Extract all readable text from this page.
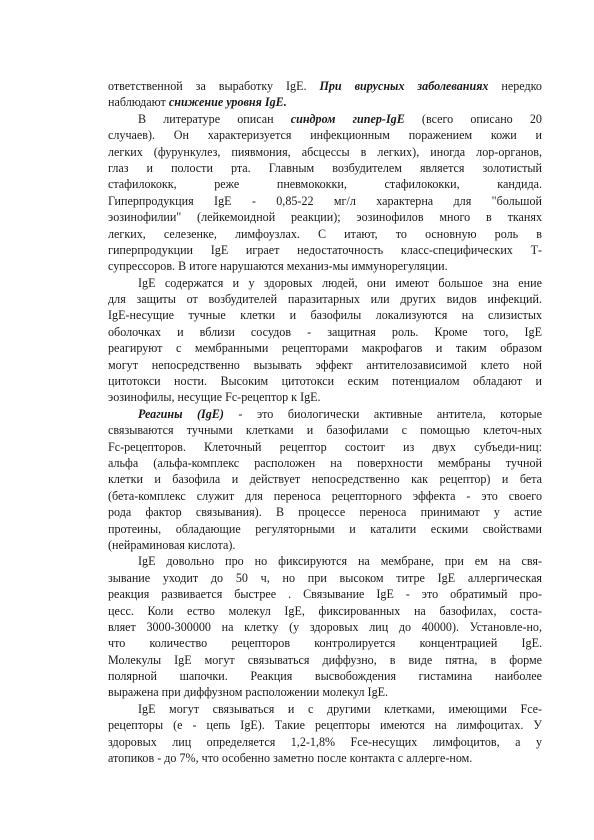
ответственной за выработку IgE. При вирусных заболеваниях нередко
наблюдают снижение уровня IgE.
В литературе описан синдром гипер-IgE (всего описано 20
случаев). Он характеризуется инфекционным поражением кожи и
легких (фурункулез, пиявмония, абсцессы в легких), иногда лор-органов,
глаз и полости рта. Главным возбудителем является золотистый
стафилококк, реже пневмококки, стафилококки, кандида.
Гиперпродукция IgE - 0,85-22 мг/л характерна для "большой
эозинофилии" (лейкемоидной реакции); эозинофилов много в тканях
легких, селезенке, лимфоузлах. С итают, то основную роль в
гиперпродукции IgE играет недостаточность класс-специфических Т-
супрессоров. В итоге нарушаются механиз-мы иммунорегуляции.
IgE содержатся и у здоровых людей, они имеют большое зна ение
для защиты от возбудителей паразитарных или других видов инфекций.
IgE-несущие тучные клетки и базофилы локализуются на слизистых
оболочках и вблизи сосудов - защитная роль. Кроме того, IgE
реагируют с мембранными рецепторами макрофагов и таким образом
могут непосредственно вызывать эффект антителозависимой клето ной
цитотокси ности. Высоким цитотокси еским потенциалом обладают и
эозинофилы, несущие Fc-рецептор к IgE.
Реагины (IgE) - это биологически активные антитела, которые
связываются тучными клетками и базофилами с помощью клеточ-ных
Fc-рецепторов. Клеточный рецептор состоит из двух субъеди-ниц:
альфа (альфа-комплекс расположен на поверхности мембраны тучной
клетки и базофила и действует непосредственно как рецептор) и бета
(бета-комплекс служит для переноса рецепторного эффекта - это своего
рода фактор связывания). В процессе переноса принимают у астие
протеины, обладающие регуляторными и каталити ескими свойствами
(нейраминовая кислота).
IgE довольно про но фиксируются на мембране, при ем на свя-
зывание уходит до 50 ч, но при высоком титре IgE аллергическая
реакция развивается быстрее . Связывание IgE - это обратимый про-
цесс. Коли ество молекул IgE, фиксированных на базофилах, соста-
вляет 3000-300000 на клетку (у здоровых лиц до 40000). Установле-но,
что количество рецепторов контролируется концентрацией IgE.
Молекулы IgE могут связываться диффузно, в виде пятна, в форме
полярной шапочки. Реакция высвобождения гистамина наиболее
выражена при диффузном расположении молекул IgE.
IgE могут связываться и с другими клетками, имеющими Fce-
рецепторы (е - цепь IgE). Такие рецепторы имеются на лимфоцитах. У
здоровых лиц определяется 1,2-1,8% Fce-несущих лимфоцитов, а у
атопиков - до 7%, что особенно заметно после контакта с аллерге-ном.
